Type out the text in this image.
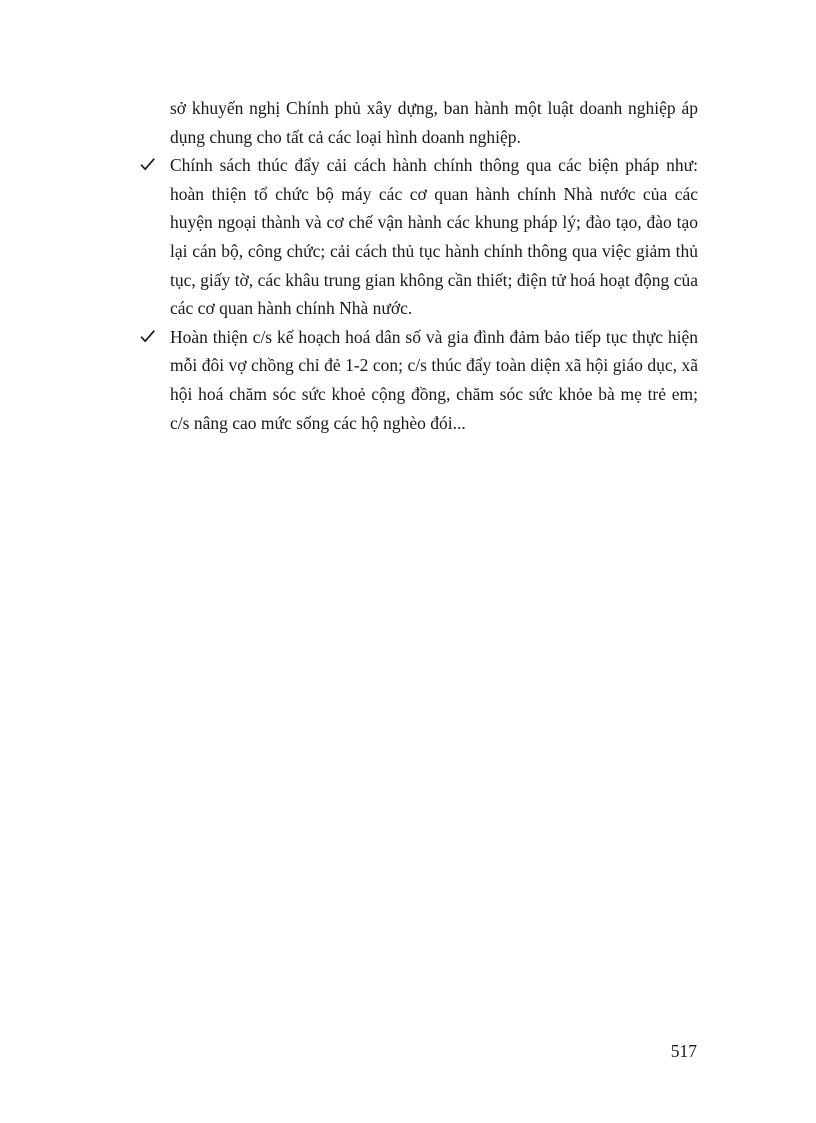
sở khuyến nghị Chính phủ xây dựng, ban hành một luật doanh nghiệp áp dụng chung cho tất cả các loại hình doanh nghiệp.

Chính sách thúc đẩy cải cách hành chính thông qua các biện pháp như: hoàn thiện tổ chức bộ máy các cơ quan hành chính Nhà nước của các huyện ngoại thành và cơ chế vận hành các khung pháp lý; đào tạo, đào tạo lại cán bộ, công chức; cải cách thủ tục hành chính thông qua việc giảm thủ tục, giấy tờ, các khâu trung gian không cần thiết; điện tử hoá hoạt động của các cơ quan hành chính Nhà nước.
Hoàn thiện c/s kế hoạch hoá dân số và gia đình đảm bảo tiếp tục thực hiện mỗi đôi vợ chồng chỉ đẻ 1-2 con; c/s thúc đẩy toàn diện xã hội giáo dục, xã hội hoá chăm sóc sức khoẻ cộng đồng, chăm sóc sức khỏe bà mẹ trẻ em; c/s nâng cao mức sống các hộ nghèo đói...
517
